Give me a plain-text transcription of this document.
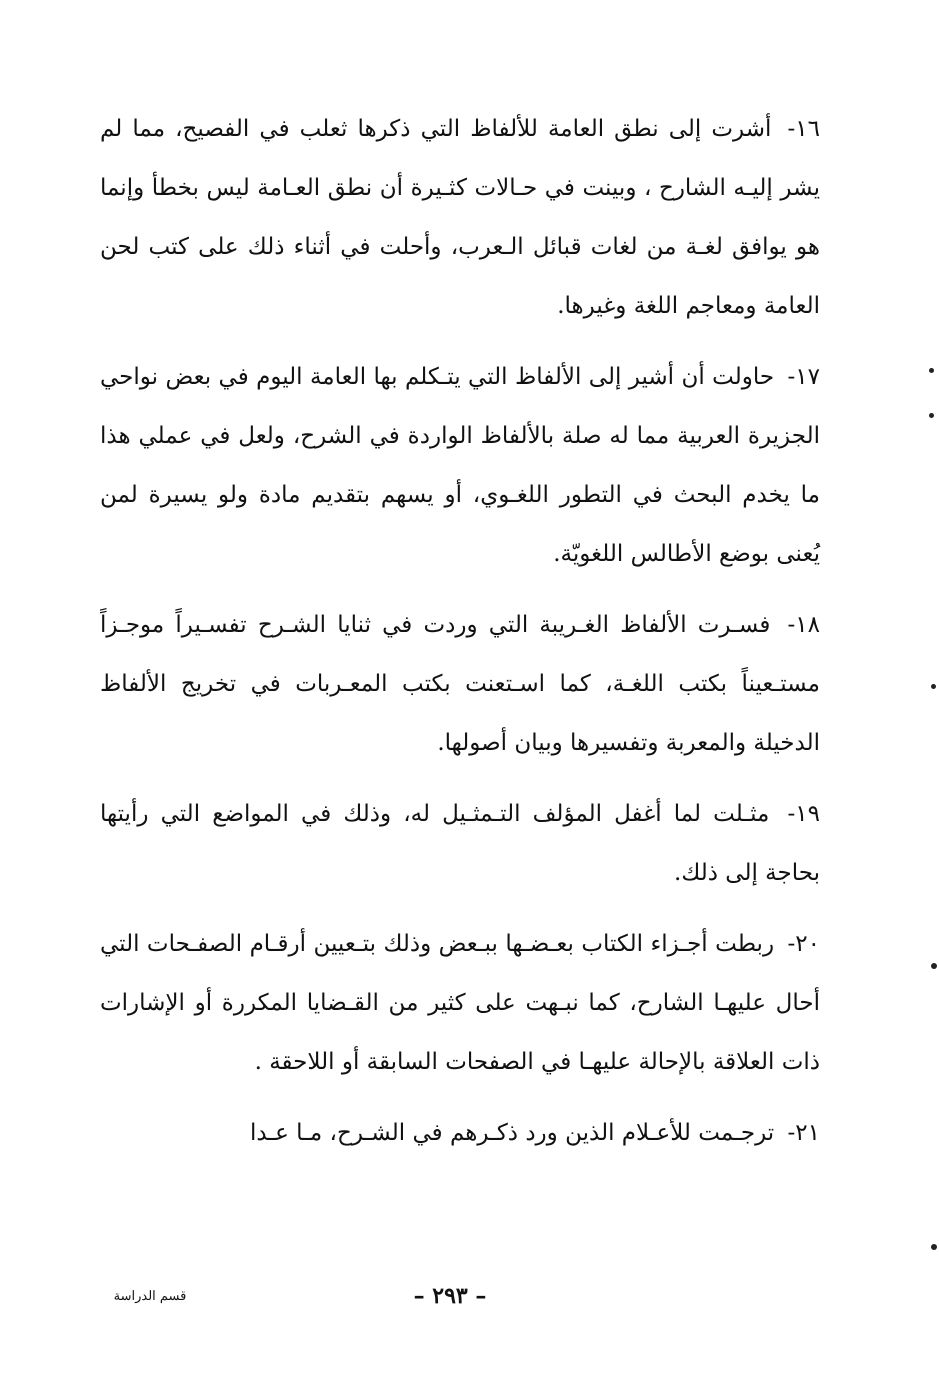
١٦- أشرت إلى نطق العامة للألفاظ التي ذكرها ثعلب في الفصيح، مما لم يشر إليـه الشارح ، وبينت في حـالات كثـيرة أن نطق العـامة ليس بخطأ وإنما هو يوافق لغـة من لغات قبائل الـعرب، وأحلت في أثناء ذلك على كتب لحن العامة ومعاجم اللغة وغيرها.

١٧- حاولت أن أشير إلى الألفاظ التي يتـكلم بها العامة اليوم في بعض نواحي الجزيرة العربية مما له صلة بالألفاظ الواردة في الشرح، ولعل في عملي هذا ما يخدم البحث في التطور اللغـوي، أو يسهم بتقديم مادة ولو يسيرة لمن يُعنى بوضع الأطالس اللغويّة.

١٨- فسـرت الألفاظ الغـريبة التي وردت في ثنايا الشـرح تفسـيراً موجـزاً مستـعيناً بكتب اللغـة، كما اسـتعنت بكتب المعـربات في تخريج الألفاظ الدخيلة والمعربة وتفسيرها وبيان أصولها.

١٩- مثـلت لما أغفل المؤلف التـمثـيل له، وذلك في المواضع التي رأيتها بحاجة إلى ذلك.

٢٠- ربطت أجـزاء الكتاب بعـضـها ببـعض وذلك بتـعيين أرقـام الصفـحات التي أحال عليهـا الشارح، كما نبـهت على كثير من القـضايا المكررة أو الإشارات ذات العلاقة بالإحالة عليهـا في الصفحات السابقة أو اللاحقة .

٢١- ترجـمت للأعـلام الذين ورد ذكـرهم في الشـرح، مـا عـدا

– ٢٩٣ –
قسم الدراسة
